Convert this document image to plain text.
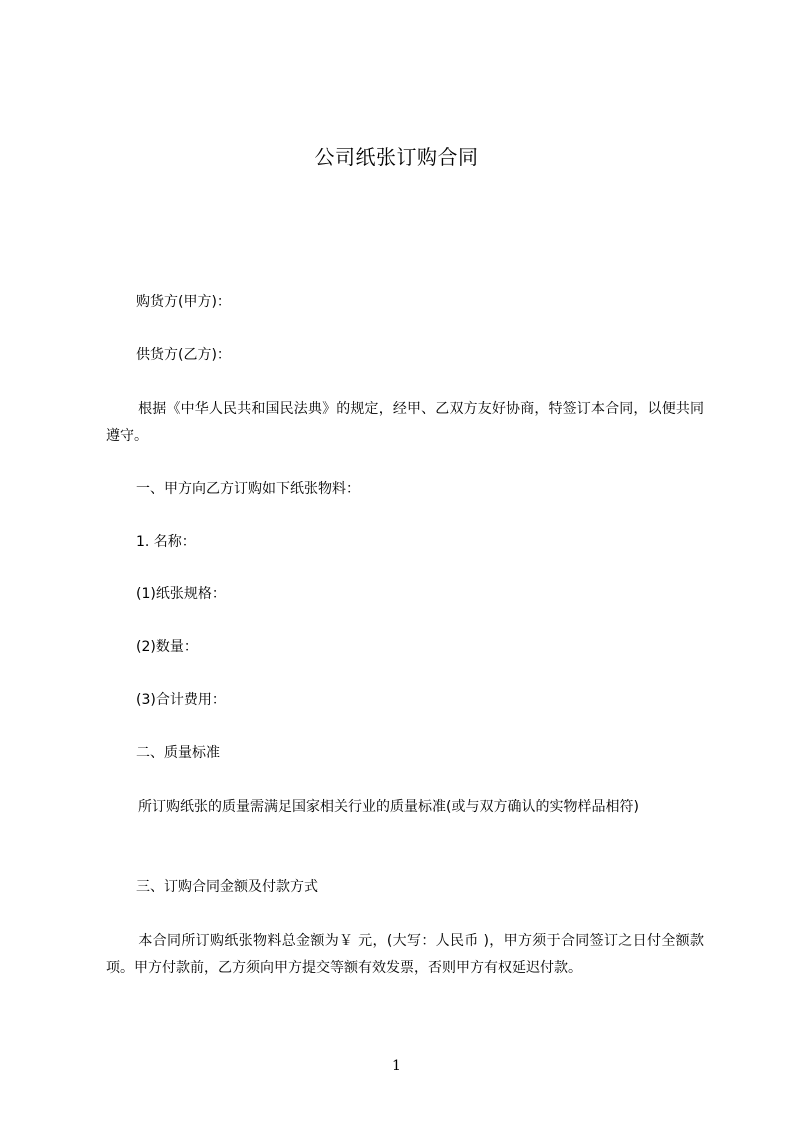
公司纸张订购合同
购货方(甲方)：
供货方(乙方)：
根据《中华人民共和国民法典》的规定，经甲、乙双方友好协商，特签订本合同，以便共同遵守。
一、甲方向乙方订购如下纸张物料：
1. 名称：
(1)纸张规格：
(2)数量：
(3)合计费用：
二、质量标准
所订购纸张的质量需满足国家相关行业的质量标准(或与双方确认的实物样品相符)
三、订购合同金额及付款方式
本合同所订购纸张物料总金额为￥ 元，(大写：人民币 )，甲方须于合同签订之日付全额款项。甲方付款前，乙方须向甲方提交等额有效发票，否则甲方有权延迟付款。
1
